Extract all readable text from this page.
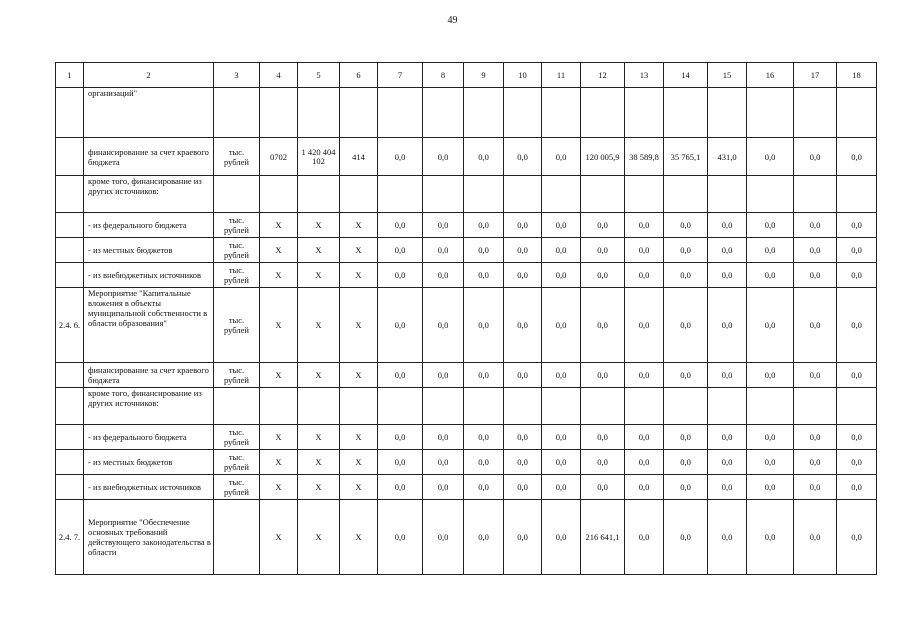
49
1	2	3	4	5	6	7	8	9	10	11	12	13	14	15	16	17	18
	организаций"																
	финансирование за счет краевого бюджета	тыс. рублей	0702	1 420 404 102	414	0,0	0,0	0,0	0,0	0,0	120 005,9	38 589,8	35 765,1	431,0	0,0	0,0	0,0
	кроме того, финансирование из других источников:																
	- из федерального бюджета	тыс. рублей	X	X	X	0,0	0,0	0,0	0,0	0,0	0,0	0,0	0,0	0,0	0,0	0,0	0,0
	- из местных бюджетов	тыс. рублей	X	X	X	0,0	0,0	0,0	0,0	0,0	0,0	0,0	0,0	0,0	0,0	0,0	0,0
	- из внебюджетных источников	тыс. рублей	X	X	X	0,0	0,0	0,0	0,0	0,0	0,0	0,0	0,0	0,0	0,0	0,0	0,0
2.4. 6.	Мероприятие "Капитальные вложения в объекты муниципальной собственности в области образования"	тыс. рублей	X	X	X	0,0	0,0	0,0	0,0	0,0	0,0	0,0	0,0	0,0	0,0	0,0	0,0
	финансирование за счет краевого бюджета	тыс. рублей	X	X	X	0,0	0,0	0,0	0,0	0,0	0,0	0,0	0,0	0,0	0,0	0,0	0,0
	кроме того, финансирование из других источников:																
	- из федерального бюджета	тыс. рублей	X	X	X	0,0	0,0	0,0	0,0	0,0	0,0	0,0	0,0	0,0	0,0	0,0	0,0
	- из местных бюджетов	тыс. рублей	X	X	X	0,0	0,0	0,0	0,0	0,0	0,0	0,0	0,0	0,0	0,0	0,0	0,0
	- из внебюджетных источников	тыс. рублей	X	X	X	0,0	0,0	0,0	0,0	0,0	0,0	0,0	0,0	0,0	0,0	0,0	0,0
2.4. 7.	Мероприятие "Обеспечение основных требований действующего законодательства в области		X	X	X	0,0	0,0	0,0	0,0	0,0	216 641,1	0,0	0,0	0,0	0,0	0,0	0,0
